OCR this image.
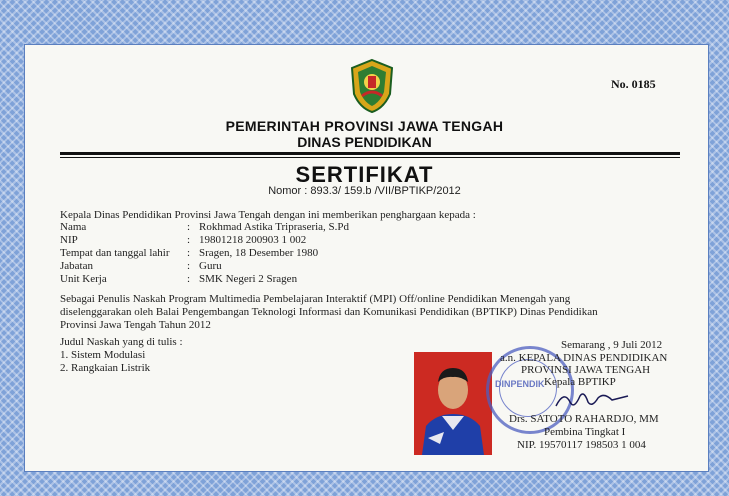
No. 0185
PEMERINTAH PROVINSI JAWA TENGAH
DINAS PENDIDIKAN
SERTIFIKAT
Nomor : 893.3/ 159.b /VII/BPTIKP/2012
Kepala Dinas Pendidikan Provinsi Jawa Tengah dengan ini memberikan penghargaan kepada :
Nama	: Rokhmad Astika Tripraseria, S.Pd
NIP	: 19801218 200903 1 002
Tempat dan tanggal lahir : Sragen, 18 Desember 1980
Jabatan	: Guru
Unit Kerja	: SMK Negeri 2 Sragen
Sebagai Penulis Naskah Program Multimedia Pembelajaran Interaktif (MPI) Off/online Pendidikan Menengah yang
diselenggarakan oleh Balai Pengembangan Teknologi Informasi dan Komunikasi Pendidikan (BPTIKP) Dinas Pendidikan
Provinsi Jawa Tengah Tahun 2012
Judul Naskah yang di tulis :
1. Sistem Modulasi
2. Rangkaian Listrik
DINPENDIK
Semarang , 9 Juli 2012
a.n. KEPALA DINAS PENDIDIKAN
PROVINSI JAWA TENGAH
Kepala BPTIKP
Drs. SATOTO RAHARDJO, MM
Pembina Tingkat I
NIP. 19570117 198503 1 004
